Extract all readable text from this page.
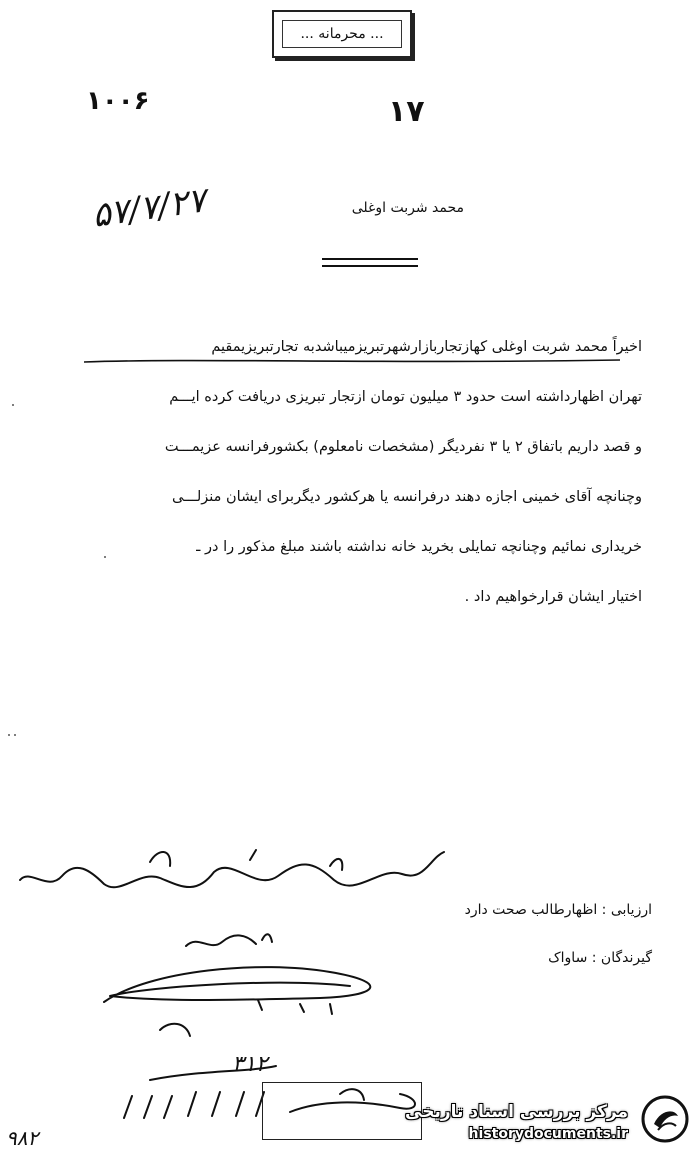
... محرمانه ...
۱۰۰۶	۱۷
۵۷/۷/۲۷	محمد شربت اوغلی
اخیراً محمد شربت اوغلی کهازتجاربازارشهرتبریزمیباشدبه تجارتبریزیمقیم
تهران اظهارداشته است حدود ۳ میلیون تومان ازتجار تبریزی دریافت کرده ایـــم
و قصد داریم باتفاق ۲ یا ۳ نفردیگر (مشخصات نامعلوم) بکشورفرانسه عزیمـــت
وچنانچه آقای خمینی اجازه دهند درفرانسه یا هرکشور دیگربرای ایشان منزلـــی
خریداری نمائیم وچنانچه تمایلی بخرید خانه نداشته باشند مبلغ مذکور را در ـ
اختیار ایشان قرارخواهیم داد .
ارزیابی : اظهارطالب صحت دارد
گیرندگان : ساواک
۳۱۲
مرکز بررسی اسناد تاریخی
historydocuments.ir
۹۸۲
